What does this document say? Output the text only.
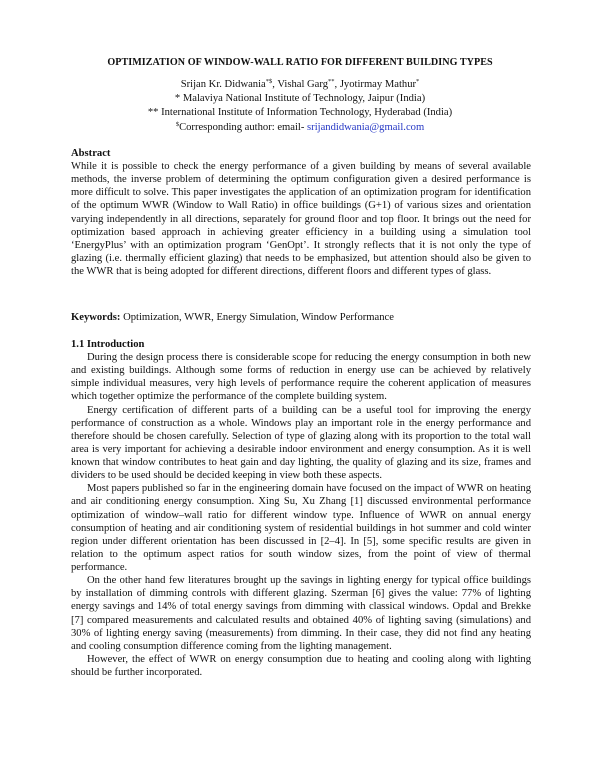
OPTIMIZATION OF WINDOW-WALL RATIO FOR DIFFERENT BUILDING TYPES
Srijan Kr. Didwania*$, Vishal Garg**, Jyotirmay Mathur*
* Malaviya National Institute of Technology, Jaipur (India)
** International Institute of Information Technology, Hyderabad (India)
$Corresponding author: email- srijandidwania@gmail.com
Abstract

While it is possible to check the energy performance of a given building by means of several available methods, the inverse problem of determining the optimum configuration given a desired performance is more difficult to solve. This paper investigates the application of an optimization program for identification of the optimum WWR (Window to Wall Ratio) in office buildings (G+1) of various sizes and orientation varying independently in all directions, separately for ground floor and top floor. It brings out the need for optimization based approach in achieving greater efficiency in a building using a simulation tool ‘EnergyPlus’ with an optimization program ‘GenOpt’. It strongly reflects that it is not only the type of glazing (i.e. thermally efficient glazing) that needs to be emphasized, but attention should also be given to the WWR that is being adopted for different directions, different floors and different types of glass.

Keywords: Optimization, WWR, Energy Simulation, Window Performance

1.1 Introduction

During the design process there is considerable scope for reducing the energy consumption in both new and existing buildings. Although some forms of reduction in energy use can be achieved by relatively simple individual measures, very high levels of performance require the coherent application of measures which together optimize the performance of the complete building system.

Energy certification of different parts of a building can be a useful tool for improving the energy performance of construction as a whole. Windows play an important role in the energy performance and therefore should be chosen carefully. Selection of type of glazing along with its proportion to the total wall area is very important for achieving a desirable indoor environment and energy consumption. As it is well known that window contributes to heat gain and day lighting, the quality of glazing and its size, frames and dividers to be used should be decided keeping in view both these aspects.

Most papers published so far in the engineering domain have focused on the impact of WWR on heating and air conditioning energy consumption. Xing Su, Xu Zhang [1] discussed environmental performance optimization of window–wall ratio for different window type. Influence of WWR on annual energy consumption of heating and air conditioning system of residential buildings in hot summer and cold winter region under different orientation has been discussed in [2–4]. In [5], some specific results are given in relation to the optimum aspect ratios for south window sizes, from the point of view of thermal performance.

On the other hand few literatures brought up the savings in lighting energy for typical office buildings by installation of dimming controls with different glazing. Szerman [6] gives the value: 77% of lighting energy savings and 14% of total energy savings from dimming with classical windows. Opdal and Brekke [7] compared measurements and calculated results and obtained 40% of lighting saving (simulations) and 30% of lighting energy saving (measurements) from dimming. In their case, they did not find any heating and cooling consumption difference coming from the lighting management.

However, the effect of WWR on energy consumption due to heating and cooling along with lighting should be further incorporated.
